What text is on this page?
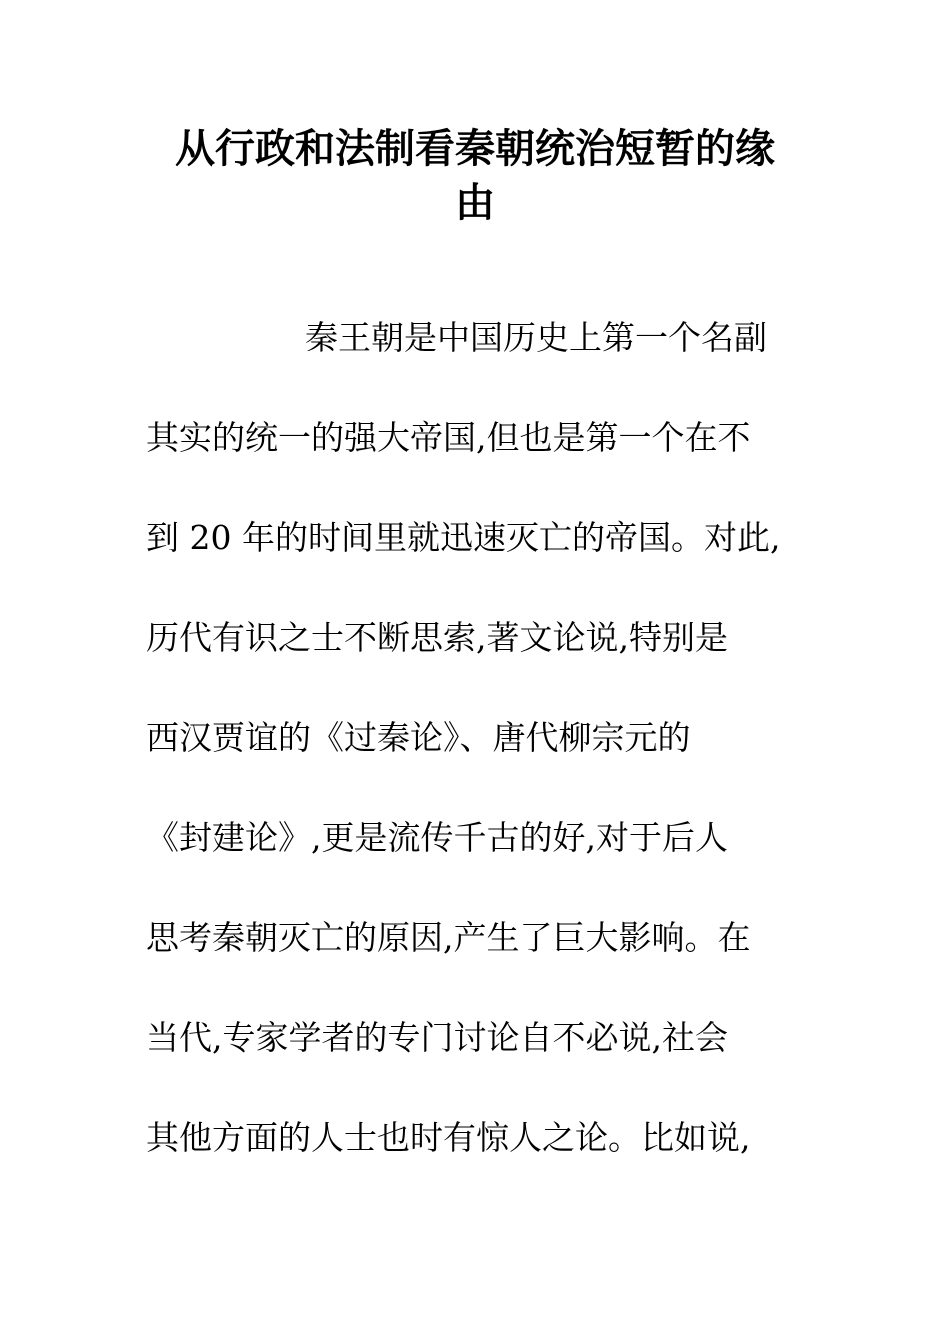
从行政和法制看秦朝统治短暂的缘
由

秦王朝是中国历史上第一个名副

其实的统一的强大帝国,但也是第一个在不

到 20 年的时间里就迅速灭亡的帝国。对此,

历代有识之士不断思索,著文论说,特别是

西汉贾谊的《过秦论》、唐代柳宗元的

《封建论》,更是流传千古的好,对于后人

思考秦朝灭亡的原因,产生了巨大影响。在

当代,专家学者的专门讨论自不必说,社会

其他方面的人士也时有惊人之论。比如说,
